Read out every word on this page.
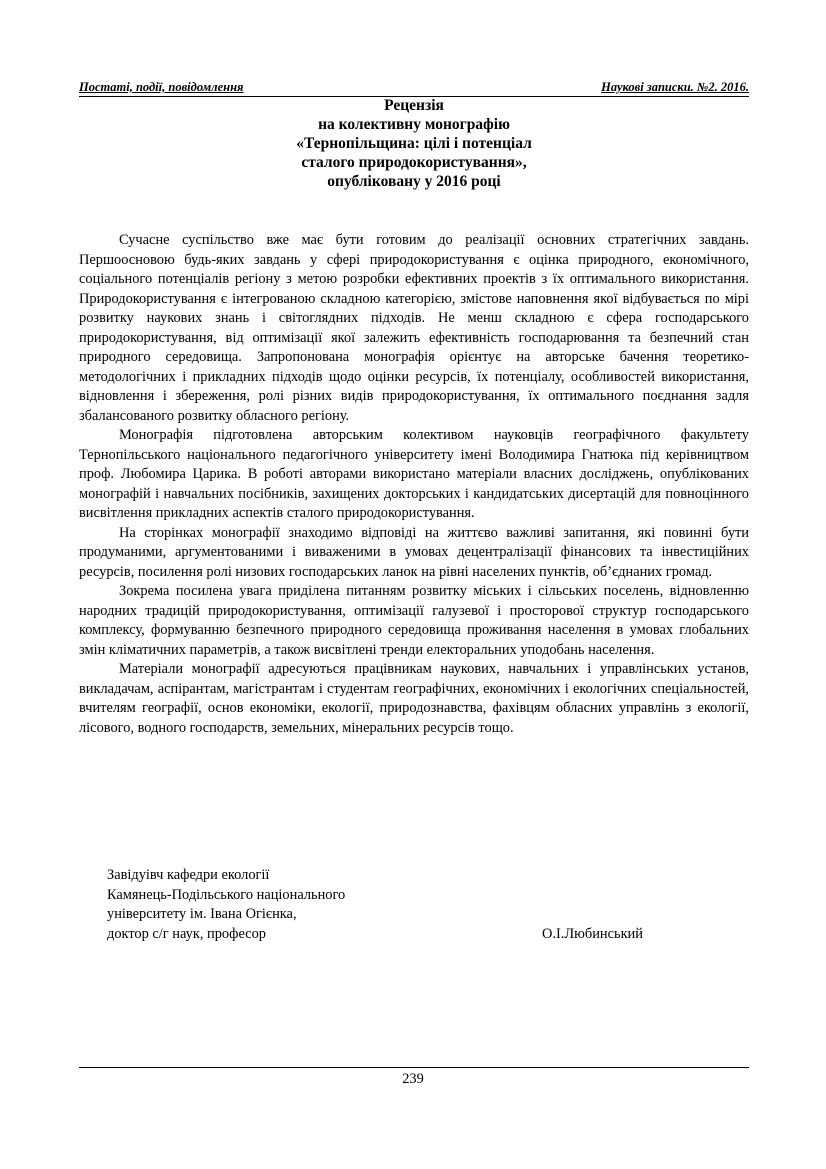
Постаті, події, повідомлення	Наукові записки. №2. 2016.
Рецензія
на колективну монографію
«Тернопільщина: цілі і потенціал
сталого природокористування»,
опубліковану у 2016 році

Сучасне суспільство вже має бути готовим до реалізації основних стратегічних завдань. Першоосновою будь-яких завдань у сфері природокористування є оцінка природного, економічного, соціального потенціалів регіону з метою розробки ефективних проектів з їх оптимального використання. Природокористування є інтегрованою складною категорією, змістове наповнення якої відбувається по мірі розвитку наукових знань і світоглядних підходів. Не менш складною є сфера господарського природокористування, від оптимізації якої залежить ефективність господарювання та безпечний стан природного середовища. Запропонована монографія орієнтує на авторське бачення теоретико-методологічних і прикладних підходів щодо оцінки ресурсів, їх потенціалу, особливостей використання, відновлення і збереження, ролі різних видів природокористування, їх оптимального поєднання задля збалансованого розвитку обласного регіону.

Монографія підготовлена авторським колективом науковців географічного факультету Тернопільського національного педагогічного університету імені Володимира Гнатюка під керівництвом проф. Любомира Царика. В роботі авторами використано матеріали власних досліджень, опублікованих монографій і навчальних посібників, захищених докторських і кандидатських дисертацій для повноцінного висвітлення прикладних аспектів сталого природокористування.

На сторінках монографії знаходимо відповіді на життєво важливі запитання, які повинні бути продуманими, аргументованими і виваженими в умовах децентралізації фінансових та інвестиційних ресурсів, посилення ролі низових господарських ланок на рівні населених пунктів, об’єднаних громад.

Зокрема посилена увага приділена питанням розвитку міських і сільських поселень, відновленню народних традицій природокористування, оптимізації галузевої і просторової структур господарського комплексу, формуванню безпечного природного середовища проживання населення в умовах глобальних змін кліматичних параметрів, а також висвітлені тренди електоральних уподобань населення.

Матеріали монографії адресуються працівникам наукових, навчальних і управлінських установ, викладачам, аспірантам, магістрантам і студентам географічних, економічних і екологічних спеціальностей, вчителям географії, основ економіки, екології, природознавства, фахівцям обласних управлінь з екології, лісового, водного господарств, земельних, мінеральних ресурсів тощо.

Завідуівч кафедри екології
Камянець-Подільського національного
університету ім. Івана Огієнка,
доктор с/г наук, професор	О.І.Любинський
239
